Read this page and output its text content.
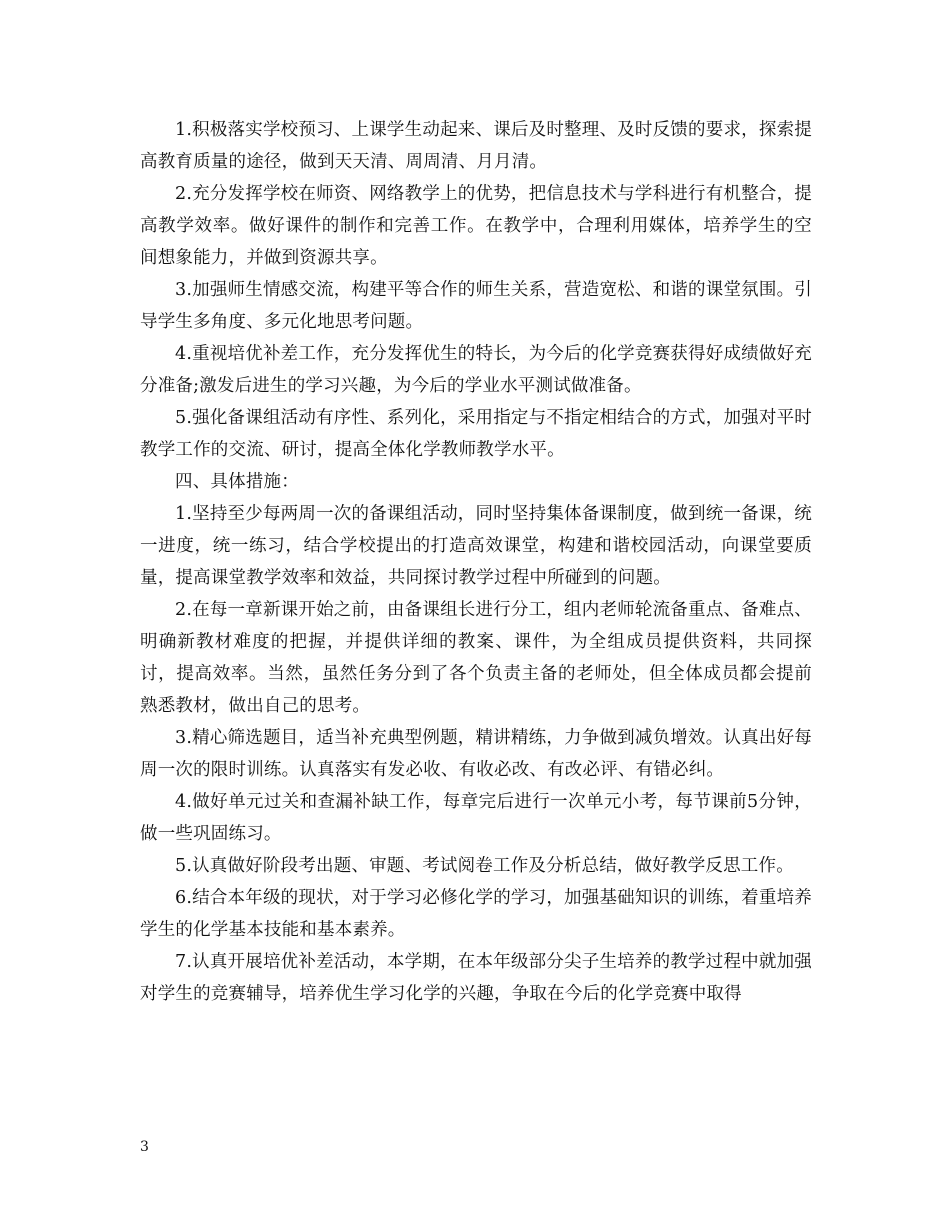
1.积极落实学校预习、上课学生动起来、课后及时整理、及时反馈的要求，探索提高教育质量的途径，做到天天清、周周清、月月清。

2.充分发挥学校在师资、网络教学上的优势，把信息技术与学科进行有机整合，提高教学效率。做好课件的制作和完善工作。在教学中，合理利用媒体，培养学生的空间想象能力，并做到资源共享。

3.加强师生情感交流，构建平等合作的师生关系，营造宽松、和谐的课堂氛围。引导学生多角度、多元化地思考问题。

4.重视培优补差工作，充分发挥优生的特长，为今后的化学竞赛获得好成绩做好充分准备;激发后进生的学习兴趣，为今后的学业水平测试做准备。

5.强化备课组活动有序性、系列化，采用指定与不指定相结合的方式，加强对平时教学工作的交流、研讨，提高全体化学教师教学水平。

四、具体措施：

1.坚持至少每两周一次的备课组活动，同时坚持集体备课制度，做到统一备课，统一进度，统一练习，结合学校提出的打造高效课堂，构建和谐校园活动，向课堂要质量，提高课堂教学效率和效益，共同探讨教学过程中所碰到的问题。

2.在每一章新课开始之前，由备课组长进行分工，组内老师轮流备重点、备难点、明确新教材难度的把握，并提供详细的教案、课件，为全组成员提供资料，共同探讨，提高效率。当然，虽然任务分到了各个负责主备的老师处，但全体成员都会提前熟悉教材，做出自己的思考。

3.精心筛选题目，适当补充典型例题，精讲精练，力争做到减负增效。认真出好每周一次的限时训练。认真落实有发必收、有收必改、有改必评、有错必纠。

4.做好单元过关和查漏补缺工作，每章完后进行一次单元小考，每节课前5分钟，做一些巩固练习。

5.认真做好阶段考出题、审题、考试阅卷工作及分析总结，做好教学反思工作。

6.结合本年级的现状，对于学习必修化学的学习，加强基础知识的训练，着重培养学生的化学基本技能和基本素养。

7.认真开展培优补差活动，本学期，在本年级部分尖子生培养的教学过程中就加强对学生的竞赛辅导，培养优生学习化学的兴趣，争取在今后的化学竞赛中取得

3
